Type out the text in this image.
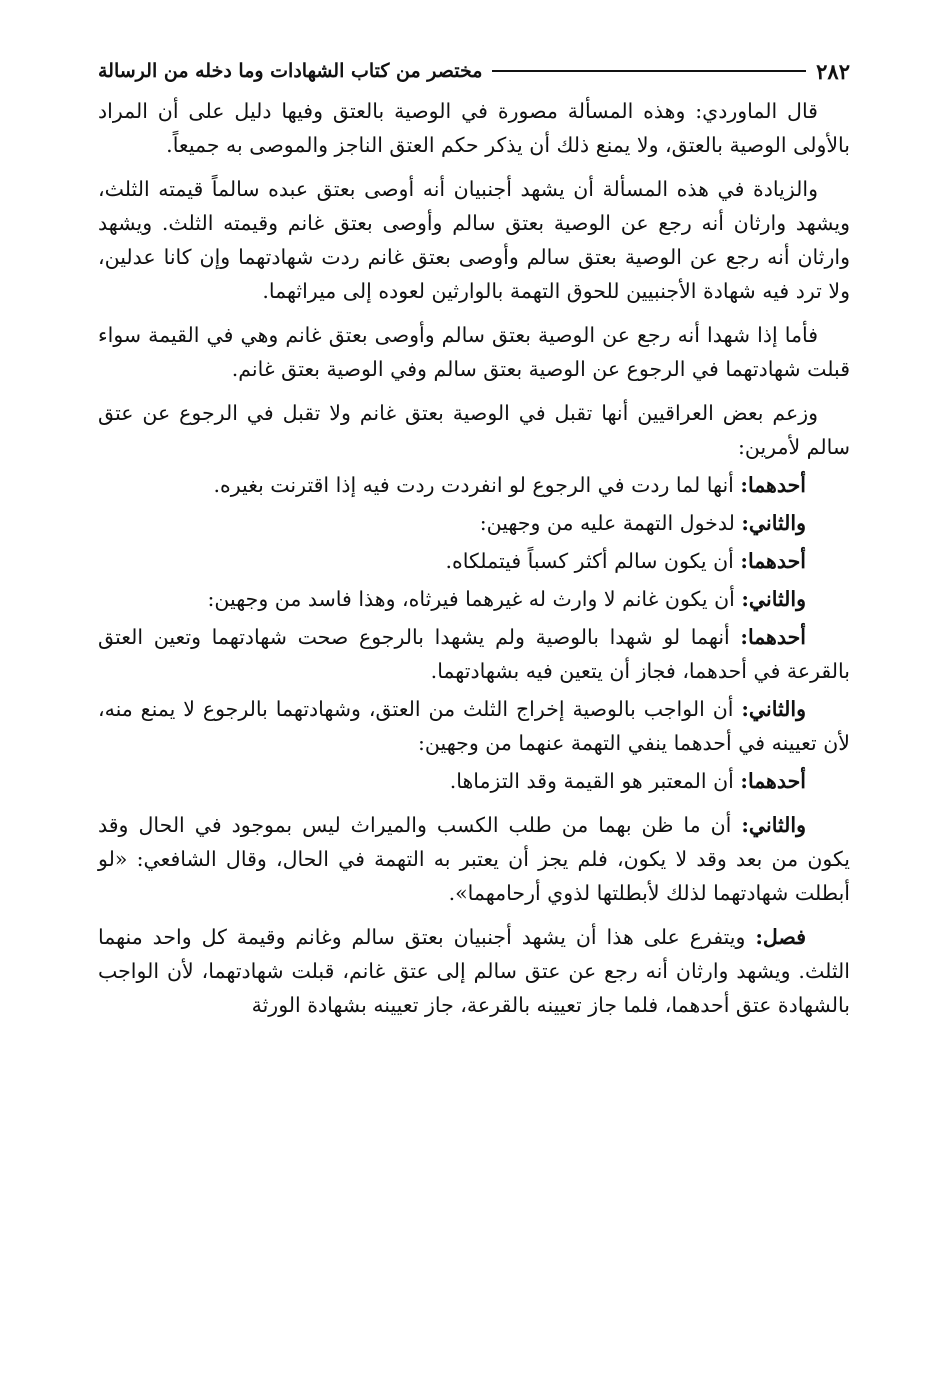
٢٨٢
مختصر من كتاب الشهادات وما دخله من الرسالة

قال الماوردي: وهذه المسألة مصورة في الوصية بالعتق وفيها دليل على أن المراد بالأولى الوصية بالعتق، ولا يمنع ذلك أن يذكر حكم العتق الناجز والموصى به جميعاً.

والزيادة في هذه المسألة أن يشهد أجنبيان أنه أوصى بعتق عبده سالماً قيمته الثلث، ويشهد وارثان أنه رجع عن الوصية بعتق سالم وأوصى بعتق غانم وقيمته الثلث. ويشهد وارثان أنه رجع عن الوصية بعتق سالم وأوصى بعتق غانم ردت شهادتهما وإن كانا عدلين، ولا ترد فيه شهادة الأجنبيين للحوق التهمة بالوارثين لعوده إلى ميراثهما.

فأما إذا شهدا أنه رجع عن الوصية بعتق سالم وأوصى بعتق غانم وهي في القيمة سواء قبلت شهادتهما في الرجوع عن الوصية بعتق سالم وفي الوصية بعتق غانم.

وزعم بعض العراقيين أنها تقبل في الوصية بعتق غانم ولا تقبل في الرجوع عن عتق سالم لأمرين:

أحدهما: أنها لما ردت في الرجوع لو انفردت ردت فيه إذا اقترنت بغيره.

والثاني: لدخول التهمة عليه من وجهين:

أحدهما: أن يكون سالم أكثر كسباً فيتملكاه.

والثاني: أن يكون غانم لا وارث له غيرهما فيرثاه، وهذا فاسد من وجهين:

أحدهما: أنهما لو شهدا بالوصية ولم يشهدا بالرجوع صحت شهادتهما وتعين العتق بالقرعة في أحدهما، فجاز أن يتعين فيه بشهادتهما.

والثاني: أن الواجب بالوصية إخراج الثلث من العتق، وشهادتهما بالرجوع لا يمنع منه، لأن تعيينه في أحدهما ينفي التهمة عنهما من وجهين:

أحدهما: أن المعتبر هو القيمة وقد التزماها.

والثاني: أن ما ظن بهما من طلب الكسب والميراث ليس بموجود في الحال وقد يكون من بعد وقد لا يكون، فلم يجز أن يعتبر به التهمة في الحال، وقال الشافعي: «لو أبطلت شهادتهما لذلك لأبطلتها لذوي أرحامهما».

فصل: ويتفرع على هذا أن يشهد أجنبيان بعتق سالم وغانم وقيمة كل واحد منهما الثلث. ويشهد وارثان أنه رجع عن عتق سالم إلى عتق غانم، قبلت شهادتهما، لأن الواجب بالشهادة عتق أحدهما، فلما جاز تعيينه بالقرعة، جاز تعيينه بشهادة الورثة
